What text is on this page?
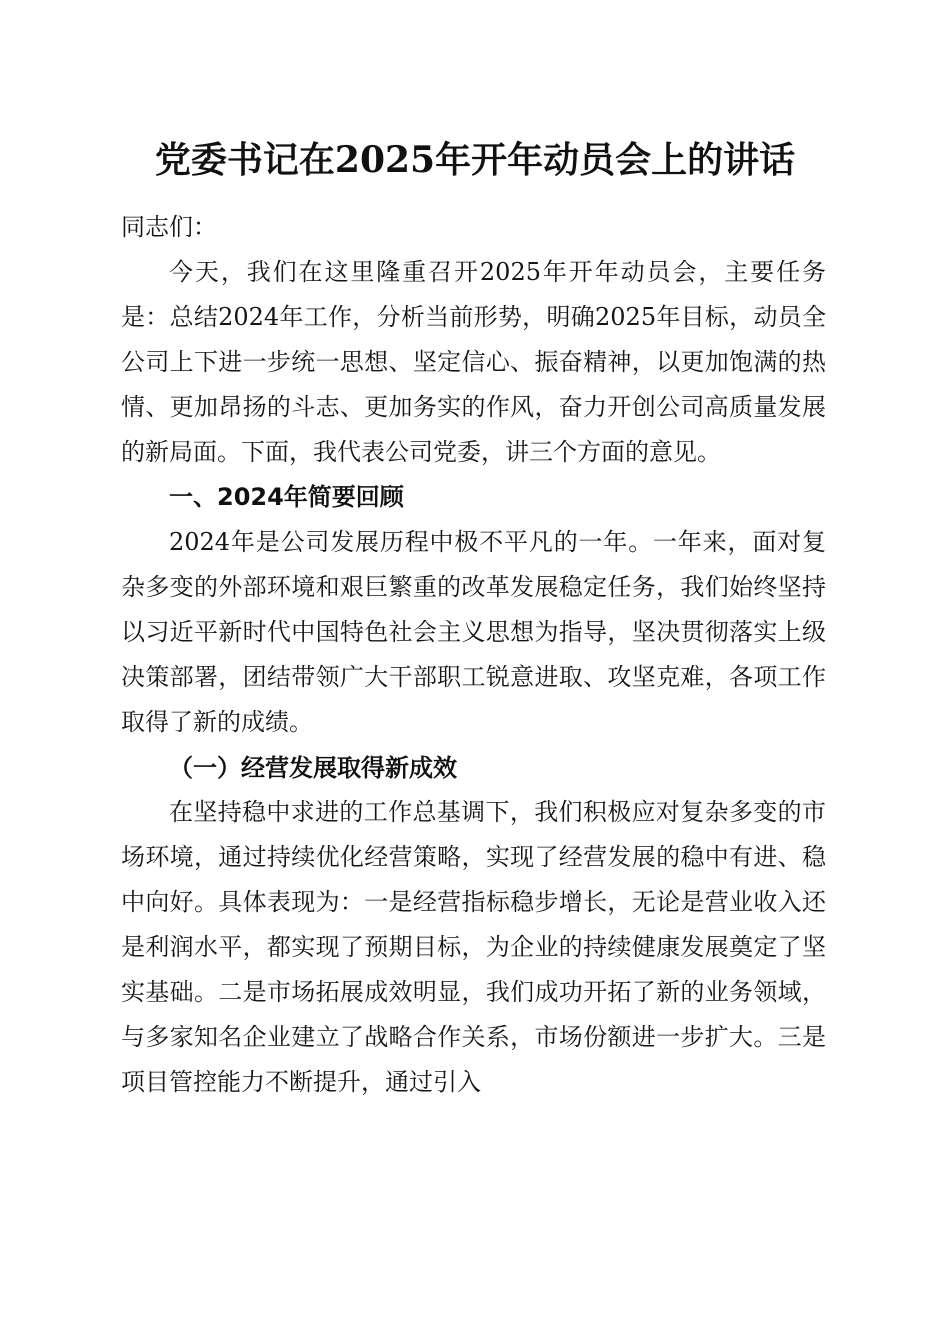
党委书记在2025年开年动员会上的讲话

同志们：

今天，我们在这里隆重召开2025年开年动员会，主要任务是：总结2024年工作，分析当前形势，明确2025年目标，动员全公司上下进一步统一思想、坚定信心、振奋精神，以更加饱满的热情、更加昂扬的斗志、更加务实的作风，奋力开创公司高质量发展的新局面。下面，我代表公司党委，讲三个方面的意见。

一、2024年简要回顾

2024年是公司发展历程中极不平凡的一年。一年来，面对复杂多变的外部环境和艰巨繁重的改革发展稳定任务，我们始终坚持以习近平新时代中国特色社会主义思想为指导，坚决贯彻落实上级决策部署，团结带领广大干部职工锐意进取、攻坚克难，各项工作取得了新的成绩。

（一）经营发展取得新成效

在坚持稳中求进的工作总基调下，我们积极应对复杂多变的市场环境，通过持续优化经营策略，实现了经营发展的稳中有进、稳中向好。具体表现为：一是经营指标稳步增长，无论是营业收入还是利润水平，都实现了预期目标，为企业的持续健康发展奠定了坚实基础。二是市场拓展成效明显，我们成功开拓了新的业务领域，与多家知名企业建立了战略合作关系，市场份额进一步扩大。三是项目管控能力不断提升，通过引入
